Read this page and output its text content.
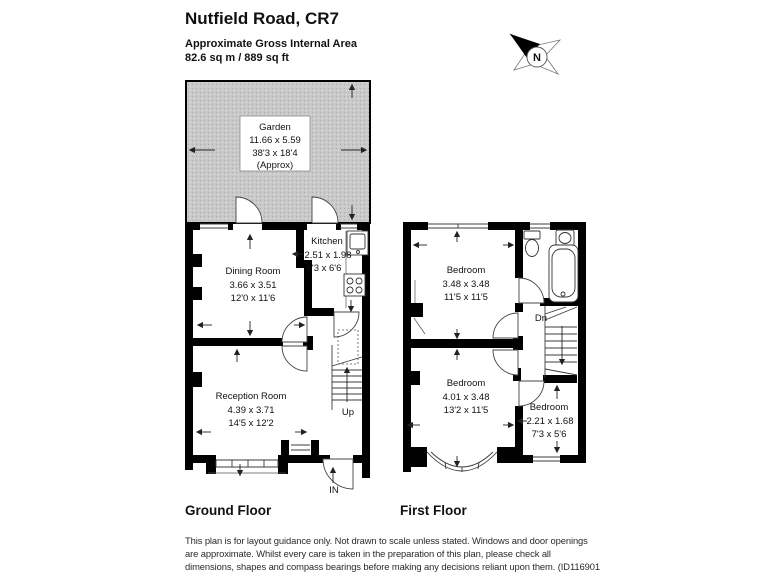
Nutfield Road, CR7
Approximate Gross Internal Area
82.6 sq m / 889 sq ft	N
Garden
11.66 x 5.59
38'3 x 18'4
(Approx)
Dining Room
3.66 x 3.51
12'0 x 11'6
Kitchen
2.51 x 1.98
8'3 x 6'6
Reception Room
4.39 x 3.71
14'5 x 12'2
Up
IN
Ground Floor
Bedroom
3.48 x 3.48
11'5 x 11'5
Dn
Bedroom
4.01 x 3.48
13'2 x 11'5	Bedroom
2.21 x 1.68
7'3 x 5'6
First Floor
This plan is for layout guidance only. Not drawn to scale unless stated. Windows and door openings
are approximate. Whilst every care is taken in the preparation of this plan, please check all
dimensions, shapes and compass bearings before making any decisions reliant upon them. (ID116901
